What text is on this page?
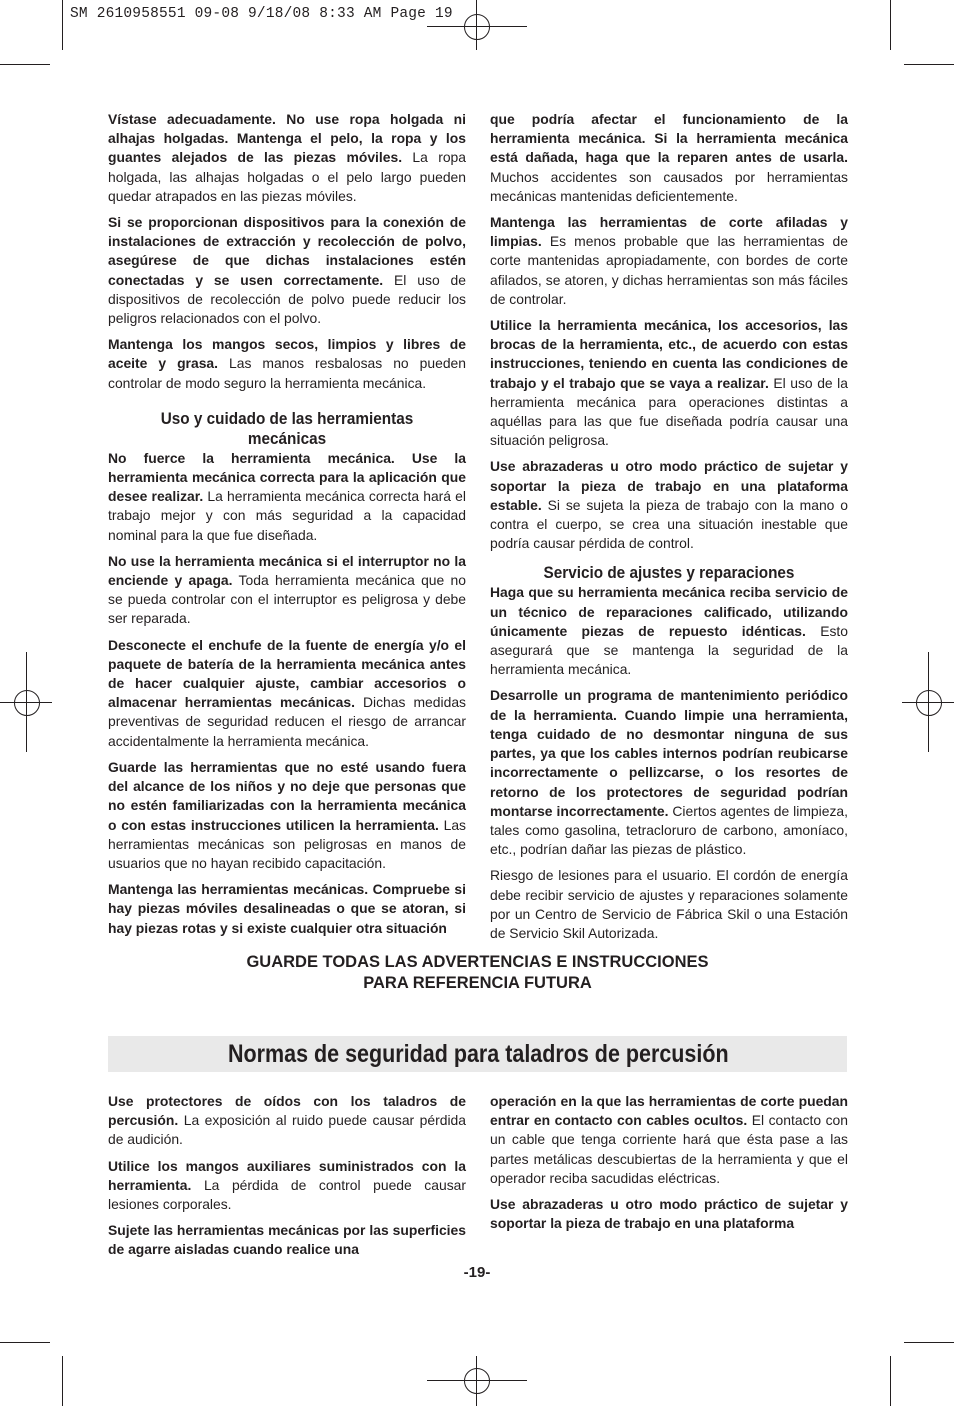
SM 2610958551 09-08 9/18/08 8:33 AM Page 19

Vístase adecuadamente. No use ropa holgada ni alhajas holgadas. Mantenga el pelo, la ropa y los guantes alejados de las piezas móviles. La ropa holgada, las alhajas holgadas o el pelo largo pueden quedar atrapados en las piezas móviles.

Si se proporcionan dispositivos para la conexión de instalaciones de extracción y recolección de polvo, asegúrese de que dichas instalaciones estén conectadas y se usen correctamente. El uso de dispositivos de recolección de polvo puede reducir los peligros relacionados con el polvo.

Mantenga los mangos secos, limpios y libres de aceite y grasa. Las manos resbalosas no pueden controlar de modo seguro la herramienta mecánica.

Uso y cuidado de las herramientas mecánicas

No fuerce la herramienta mecánica. Use la herramienta mecánica correcta para la aplicación que desee realizar. La herramienta mecánica correcta hará el trabajo mejor y con más seguridad a la capacidad nominal para la que fue diseñada.

No use la herramienta mecánica si el interruptor no la enciende y apaga. Toda herramienta mecánica que no se pueda controlar con el interruptor es peligrosa y debe ser reparada.

Desconecte el enchufe de la fuente de energía y/o el paquete de batería de la herramienta mecánica antes de hacer cualquier ajuste, cambiar accesorios o almacenar herramientas mecánicas. Dichas medidas preventivas de seguridad reducen el riesgo de arrancar accidentalmente la herramienta mecánica.

Guarde las herramientas que no esté usando fuera del alcance de los niños y no deje que personas que no estén familiarizadas con la herramienta mecánica o con estas instrucciones utilicen la herramienta. Las herramientas mecánicas son peligrosas en manos de usuarios que no hayan recibido capacitación.

Mantenga las herramientas mecánicas. Compruebe si hay piezas móviles desalineadas o que se atoran, si hay piezas rotas y si existe cualquier otra situación

que podría afectar el funcionamiento de la herramienta mecánica. Si la herramienta mecánica está dañada, haga que la reparen antes de usarla. Muchos accidentes son causados por herramientas mecánicas mantenidas deficientemente.

Mantenga las herramientas de corte afiladas y limpias. Es menos probable que las herramientas de corte mantenidas apropiadamente, con bordes de corte afilados, se atoren, y dichas herramientas son más fáciles de controlar.

Utilice la herramienta mecánica, los accesorios, las brocas de la herramienta, etc., de acuerdo con estas instrucciones, teniendo en cuenta las condiciones de trabajo y el trabajo que se vaya a realizar. El uso de la herramienta mecánica para operaciones distintas a aquéllas para las que fue diseñada podría causar una situación peligrosa.

Use abrazaderas u otro modo práctico de sujetar y soportar la pieza de trabajo en una plataforma estable. Si se sujeta la pieza de trabajo con la mano o contra el cuerpo, se crea una situación inestable que podría causar pérdida de control.

Servicio de ajustes y reparaciones

Haga que su herramienta mecánica reciba servicio de un técnico de reparaciones calificado, utilizando únicamente piezas de repuesto idénticas. Esto asegurará que se mantenga la seguridad de la herramienta mecánica.

Desarrolle un programa de mantenimiento periódico de la herramienta. Cuando limpie una herramienta, tenga cuidado de no desmontar ninguna de sus partes, ya que los cables internos podrían reubicarse incorrectamente o pellizcarse, o los resortes de retorno de los protectores de seguridad podrían montarse incorrectamente. Ciertos agentes de limpieza, tales como gasolina, tetracloruro de carbono, amoníaco, etc., podrían dañar las piezas de plástico.

Riesgo de lesiones para el usuario. El cordón de energía debe recibir servicio de ajustes y reparaciones solamente por un Centro de Servicio de Fábrica Skil o una Estación de Servicio Skil Autorizada.

GUARDE TODAS LAS ADVERTENCIAS E INSTRUCCIONES
PARA REFERENCIA FUTURA
Normas de seguridad para taladros de percusión

Use protectores de oídos con los taladros de percusión. La exposición al ruido puede causar pérdida de audición.

Utilice los mangos auxiliares suministrados con la herramienta. La pérdida de control puede causar lesiones corporales.

Sujete las herramientas mecánicas por las superficies de agarre aisladas cuando realice una

operación en la que las herramientas de corte puedan entrar en contacto con cables ocultos. El contacto con un cable que tenga corriente hará que ésta pase a las partes metálicas descubiertas de la herramienta y que el operador reciba sacudidas eléctricas.

Use abrazaderas u otro modo práctico de sujetar y soportar la pieza de trabajo en una plataforma

-19-
